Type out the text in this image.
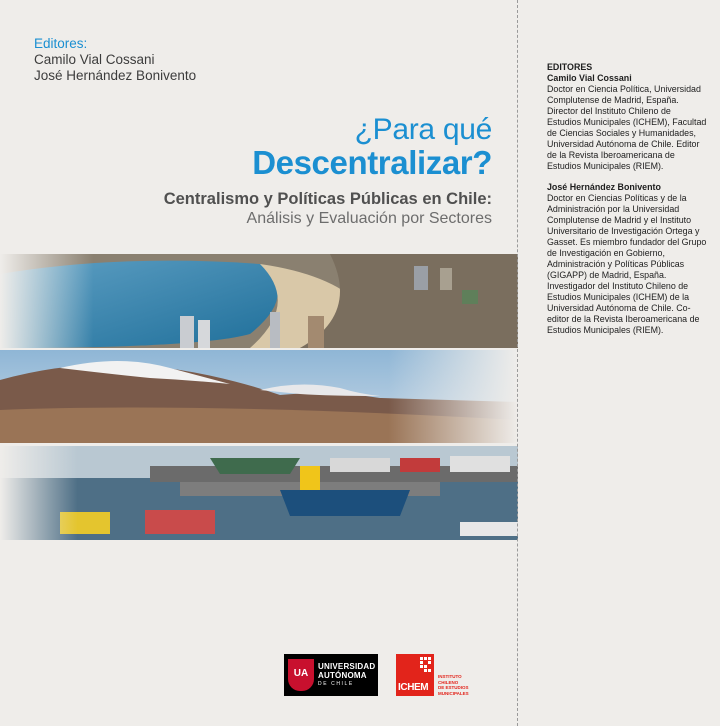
Editores:
Camilo Vial Cossani
José Hernández Bonivento
¿Para qué
Descentralizar?
Centralismo y Políticas Públicas en Chile:
Análisis y Evaluación por Sectores
UA
UNIVERSIDAD
AUTÓNOMA
DE CHILE	ICHEM
INSTITUTO CHILENO
DE ESTUDIOS
MUNICIPALES
EDITORES
Camilo Vial Cossani
Doctor en Ciencia Política, Universidad Complutense de Madrid, España. Director del Instituto Chileno de Estudios Municipales (ICHEM), Facultad de Ciencias Sociales y Humanidades, Universidad Autónoma de Chile. Editor de la Revista Iberoamericana de Estudios Municipales (RIEM).
José Hernández Bonivento
Doctor en Ciencias Políticas y de la Administración por la Universidad Complutense de Madrid y el Instituto Universitario de Investigación Ortega y Gasset. Es miembro fundador del Grupo de Investigación en Gobierno, Administración y Políticas Públicas (GIGAPP) de Madrid, España. Investigador del Instituto Chileno de Estudios Municipales (ICHEM) de la Universidad Autónoma de Chile. Co-editor de la Revista Iberoamericana de Estudios Municipales (RIEM).
